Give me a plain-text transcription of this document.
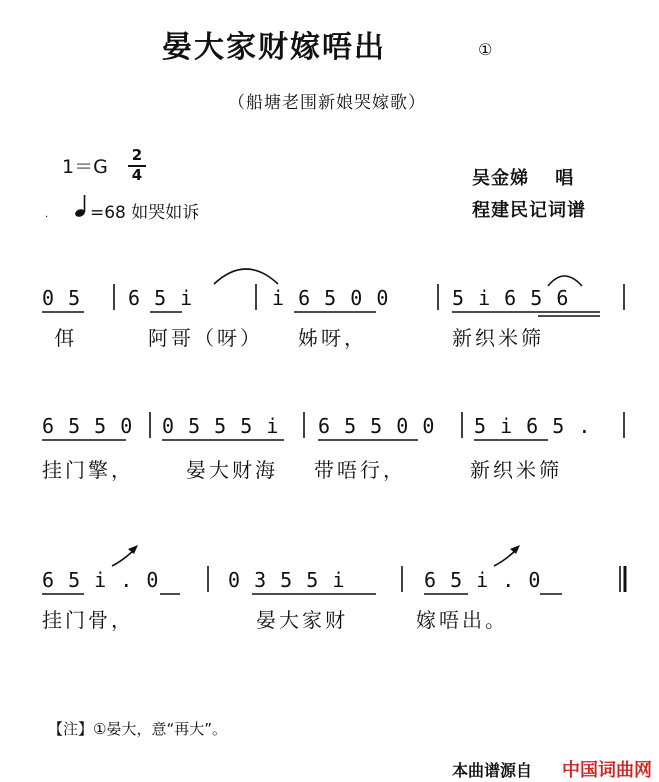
晏大家财嫁唔出	①
（船塘老围新娘哭嫁歌）
1＝G
2
4
· =68 如哭如诉
吴金娣　 唱
程建民记词谱
0 5 6 5 i	i 6 5 0 0	5 i 6 5 6
佴	阿哥（呀） 姊呀，	新织米筛
6 5 5 0 0 5 5 5 i 6 5 5 0 0 5 i 6 5 .
挂门擎，	晏大财海 带唔行，	新织米筛
6 5 i . 0	0 3 5 5 i	6 5 i . 0
挂门骨，	晏大家财	嫁唔出。
【注】①晏大，意“再大”。
本曲谱源自 中国词曲网
